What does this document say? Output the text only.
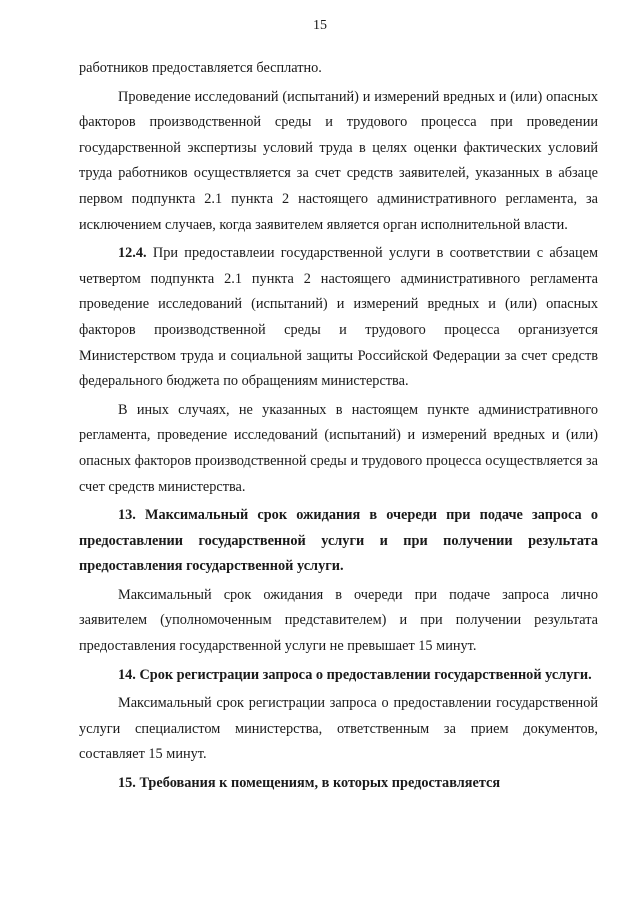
15

работников предоставляется бесплатно.

Проведение исследований (испытаний) и измерений вредных и (или) опасных факторов производственной среды и трудового процесса при проведении государственной экспертизы условий труда в целях оценки фактических условий труда работников осуществляется за счет средств заявителей, указанных в абзаце первом подпункта 2.1 пункта 2 настоящего административного регламента, за исключением случаев, когда заявителем является орган исполнительной власти.

12.4. При предоставлеии государственной услуги в соответствии с абзацем четвертом подпункта 2.1 пункта 2 настоящего административного регламента проведение исследований (испытаний) и измерений вредных и (или) опасных факторов производственной среды и трудового процесса организуется Министерством труда и социальной защиты Российской Федерации за счет средств федерального бюджета по обращениям министерства.

В иных случаях, не указанных в настоящем пункте административного регламента, проведение исследований (испытаний) и измерений вредных и (или) опасных факторов производственной среды и трудового процесса осуществляется за счет средств министерства.

13. Максимальный срок ожидания в очереди при подаче запроса о предоставлении государственной услуги и при получении результата предоставления государственной услуги.

Максимальный срок ожидания в очереди при подаче запроса лично заявителем (уполномоченным представителем) и при получении результата предоставления государственной услуги не превышает 15 минут.

14. Срок регистрации запроса о предоставлении государственной услуги.

Максимальный срок регистрации запроса о предоставлении государственной услуги специалистом министерства, ответственным за прием документов, составляет 15 минут.

15. Требования к помещениям, в которых предоставляется
